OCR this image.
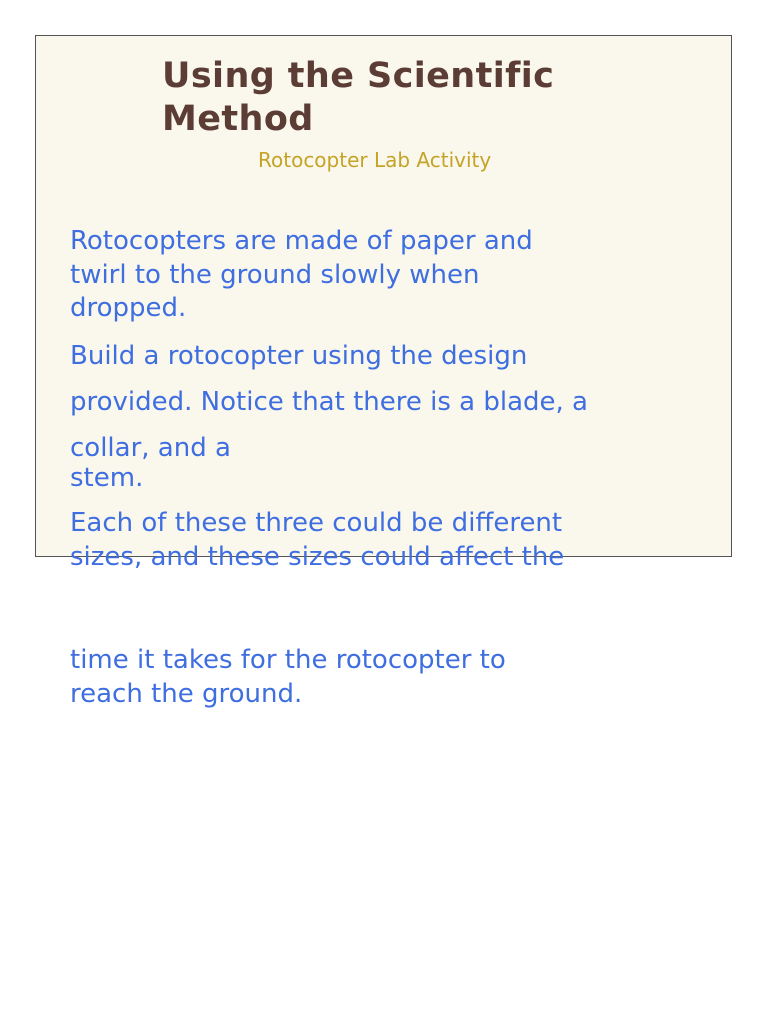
Using the Scientific
Method

Rotocopter Lab Activity

Rotocopters are made of paper and
twirl to the ground slowly when
dropped.

Build a rotocopter using the design
provided. Notice that there is a blade, a
collar, and a

stem.

Each of these three could be different
sizes, and these sizes could affect the

time it takes for the rotocopter to
reach the ground.
